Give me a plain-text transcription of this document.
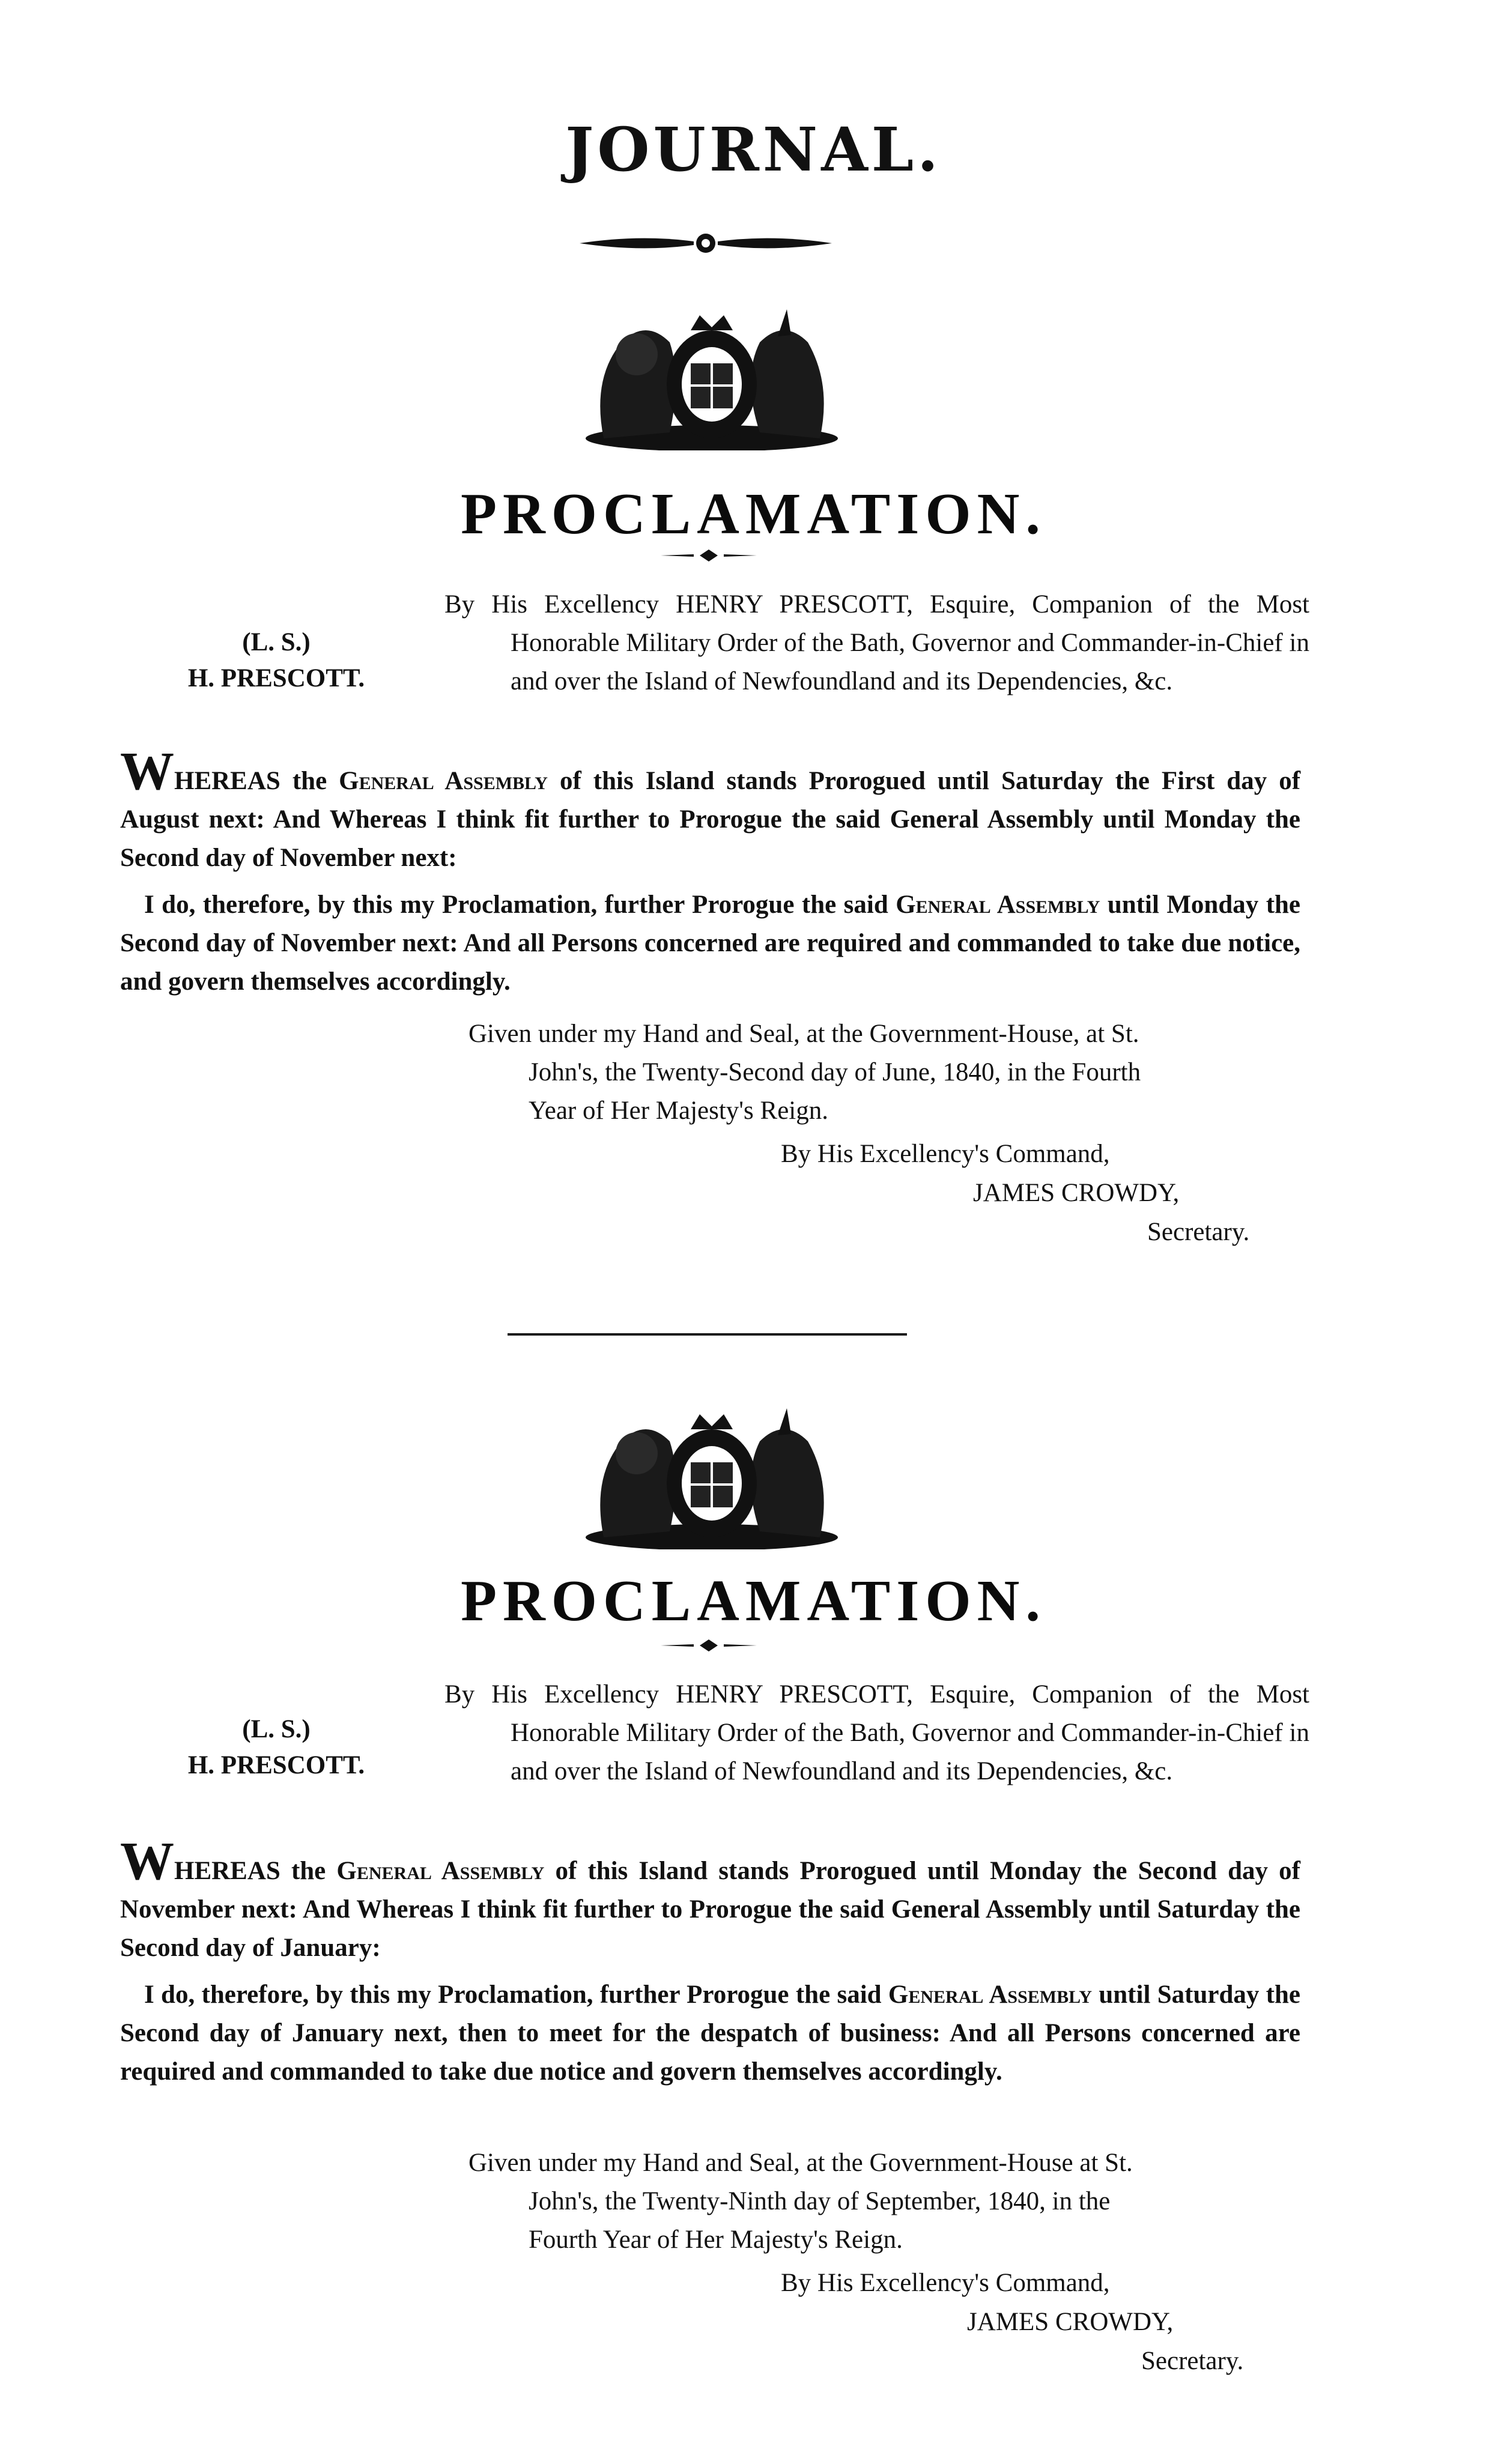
JOURNAL.
PROCLAMATION.
(L. S.)
H. PRESCOTT.
By His Excellency HENRY PRESCOTT, Esquire, Companion of the Most Honorable Military Order of the Bath, Governor and Commander-in-Chief in and over the Island of Newfoundland and its Dependencies, &c.
WHEREAS the General Assembly of this Island stands Prorogued until Saturday the First day of August next: And Whereas I think fit further to Prorogue the said General Assembly until Monday the Second day of November next:
I do, therefore, by this my Proclamation, further Prorogue the said General Assembly until Monday the Second day of November next: And all Persons concerned are required and commanded to take due notice, and govern themselves accordingly.
Given under my Hand and Seal, at the Government-House, at St.
John's, the Twenty-Second day of June, 1840, in the Fourth
Year of Her Majesty's Reign.
By His Excellency's Command,
JAMES CROWDY,
Secretary.
PROCLAMATION.
(L. S.)
H. PRESCOTT.
By His Excellency HENRY PRESCOTT, Esquire, Companion of the Most Honorable Military Order of the Bath, Governor and Commander-in-Chief in and over the Island of Newfoundland and its Dependencies, &c.
WHEREAS the General Assembly of this Island stands Prorogued until Monday the Second day of November next: And Whereas I think fit further to Prorogue the said General Assembly until Saturday the Second day of January:
I do, therefore, by this my Proclamation, further Prorogue the said General Assembly until Saturday the Second day of January next, then to meet for the despatch of business: And all Persons concerned are required and commanded to take due notice and govern themselves accordingly.
Given under my Hand and Seal, at the Government-House at St.
John's, the Twenty-Ninth day of September, 1840, in the
Fourth Year of Her Majesty's Reign.
By His Excellency's Command,
JAMES CROWDY,
Secretary.
